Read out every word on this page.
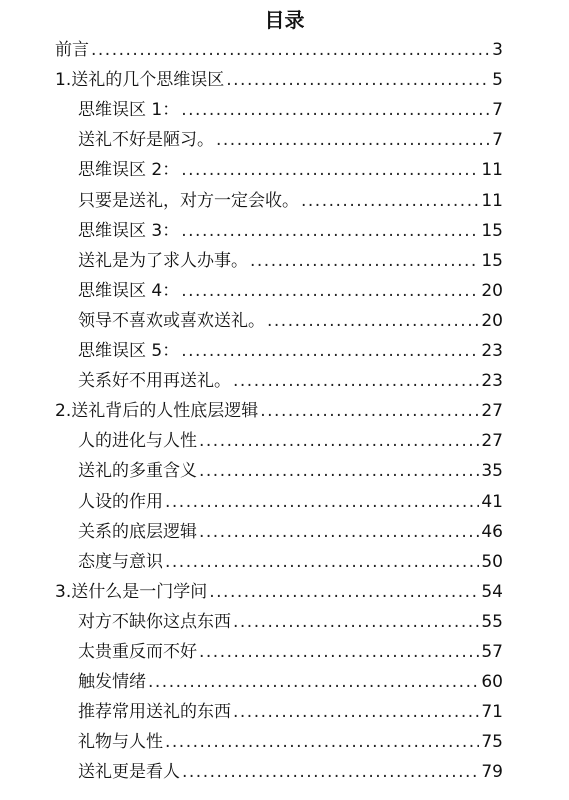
目录
前言 .....	3
1.送礼的几个思维误区 .....	5
思维误区 1： .....	7
送礼不好是陋习。 .....	7
思维误区 2： .....	11
只要是送礼，对方一定会收。 .....	11
思维误区 3： .....	15
送礼是为了求人办事。 .....	15
思维误区 4： .....	20
领导不喜欢或喜欢送礼。 .....	20
思维误区 5： .....	23
关系好不用再送礼。 .....	23
2.送礼背后的人性底层逻辑 .....	27
人的进化与人性 .....	27
送礼的多重含义 .....	35
人设的作用 .....	41
关系的底层逻辑 .....	46
态度与意识 .....	50
3.送什么是一门学问 .....	54
对方不缺你这点东西 .....	55
太贵重反而不好 .....	57
触发情绪 .....	60
推荐常用送礼的东西 .....	71
礼物与人性 .....	75
送礼更是看人 .....	79
